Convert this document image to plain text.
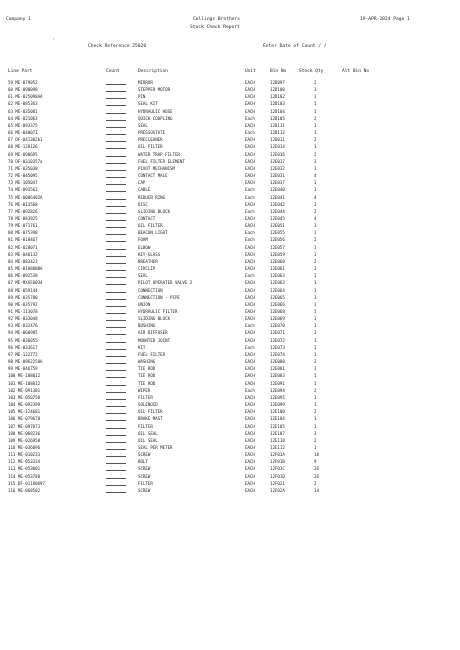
Company 1	Collings Brothers	19-APR-2024 Page 1
Stock Check Report
,
Check Reference 25020	Enter Date of Count / /
Line Part	Count	Description	Unit	Bin No	Stock Qty	Alt Bin No
59 ME-079052	MIRROR	EACH	12D097	2
60 ME-098098	STEPPER MOTOR	EACH	12D100	1
61 ME-025098AA	PIN	EACH	12D102	1
62 ME-085363	SEAL KIT	EACH	12D103	1
63 ME-035081	HYDRAULIC HOSE	EACH	12D104	1
64 ME-021063	QUICK COUPLING	Each	12D105	2
65 ME-093375	SEAL	EACH	12D111	1
66 ME-040071	PRESSOSTATE	Each	12D112	1
67 DF-041302b1	PRECLEANER	EACH	12D011	2
68 ME-128126	OIL FILTER	EACH	12E014	1
69 ME-090695	WATER TRAP FILTER	EACH	12E016	2
70 DF-0310357a	FUEL FILTER ELEMENT	EACH	12E017	3
71 ME-035030	PIVOT MECHANISM	EACH	12E032	1
72 ME-045095	CONTACT MALE	EACH	12E031	4
73 ME-105047	CAP	EACH	12E037	1
74 ME-093563	CABLE	Each	12E040	1
75 ME-0006402A	REDUER RING	Each	12E041	4
76 ME-013568	DISC	EACH	12E042	2
77 ME-092826	SLIDING BLOCK	Each	12E044	2
78 ME-083925	CONTACT	EACH	12E045	4
79 ME-071761	OIL FILTER	EACH	12E051	1
80 ME-075390	BEACON LIGHT	Each	12E055	1
81 ME-018467	FOAM	Each	12E056	2
82 ME-020071	ELBOW	EACH	12E057	1
83 ME-040132	KEY-GLASS	EACH	12E059	1
84 ME-083423	BREATHER	EACH	12E060	2
85 ME-01088BBA	CIRCLIP	EACH	12E061	2
86 ME-092538	SEAL	Each	12E063	1
87 ME-MXXF0034	PILOT OPERATED VALVE 2	EACH	12E063	1
88 ME-059144	CONNECTION	EACH	12E064	1
89 ME-035780	CONNECTION - PIPE	EACH	12E065	1
90 ME-035792	UNION	EACH	12E066	1
91 ME-113078	HYDRAULIC FILTER	EACH	12E068	1
92 ME-033048	SLIDING BLOCK	EACH	12E069	1
93 ME-032476	BUSHING	Each	12E070	1
94 ME-060985	AIR DIFFUSER	EACH	12E071	2
95 ME-036055	MOUNTED JOINT	EACH	12E072	1
96 ME-033617	KIT	Each	12E073	1
97 ME-122772	FUEL FILTER	EACH	12E074	1
98 ME-0962258A	WASHING	EACH	12E080	2
99 ME-046759	TIE ROD	EACH	12E081	1
100 ME-108812	TIE ROD	EACH	12E083	1
101 ME-108812	TIE ROD	EACH	12E091	1
102 ME-091381	WIPER	Each	12E094	2
103 ME-050750	FILTER	EACH	12E095	1
104 ME-092399	SOLENOID	EACH	12E099	1
105 ME-124681	OIL FILTER	EACH	12E100	2
106 ME-079678	BRAKE MAST	EACH	12E104	1
107 ME-097073	FILTER	EACH	12E105	1
108 ME-068236	OIL SEAL	EACH	12E107	3
109 ME-026958	OIL SEAL	EACH	12E110	2
110 ME-036096	SEAL PER METER	EACH	12E112	1
111 ME-010233	SCREW	EACH	12F01A	18
112 ME-053334	BOLT	EACH	12F01B	9
113 ME-053001	SCREW	EACH	12F01C	26
114 ME-053788	SCREW	EACH	12F01D	26
115 DF-01180697	FILTER	EACH	12F021	2
116 ME-068502	SCREW	EACH	12F02A	14
